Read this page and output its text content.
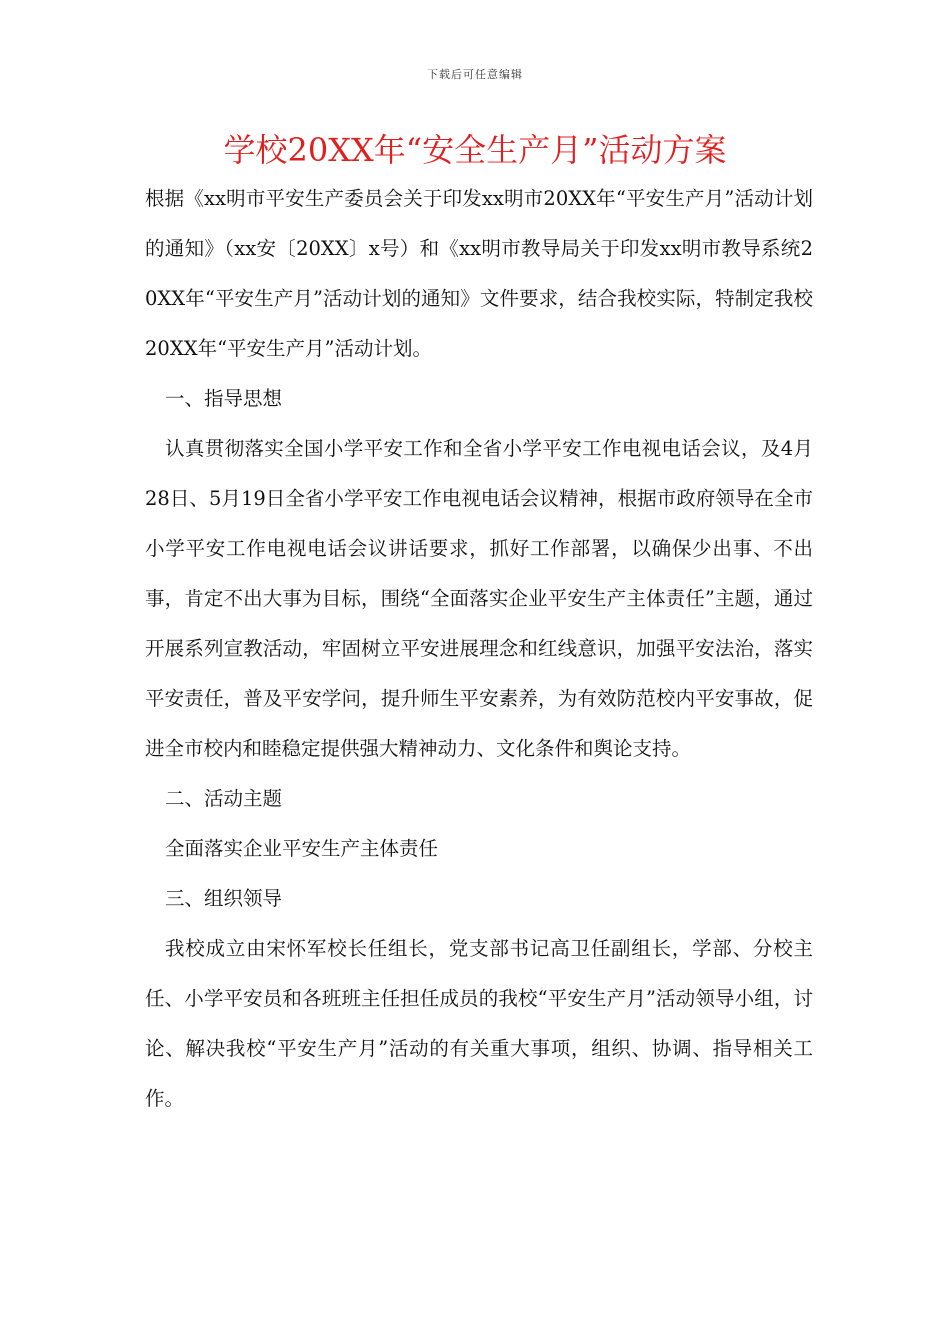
下载后可任意编辑
学校20XX年“安全生产月”活动方案

根据《xx明市平安生产委员会关于印发xx明市20XX年“平安生产月”活动计划的通知》（xx安〔20XX〕x号）和《xx明市教导局关于印发xx明市教导系统20XX年“平安生产月”活动计划的通知》文件要求，结合我校实际，特制定我校20XX年“平安生产月”活动计划。

一、指导思想

认真贯彻落实全国小学平安工作和全省小学平安工作电视电话会议，及4月28日、5月19日全省小学平安工作电视电话会议精神，根据市政府领导在全市小学平安工作电视电话会议讲话要求，抓好工作部署，以确保少出事、不出事，肯定不出大事为目标，围绕“全面落实企业平安生产主体责任”主题，通过开展系列宣教活动，牢固树立平安进展理念和红线意识，加强平安法治，落实平安责任，普及平安学问，提升师生平安素养，为有效防范校内平安事故，促进全市校内和睦稳定提供强大精神动力、文化条件和舆论支持。

二、活动主题

全面落实企业平安生产主体责任

三、组织领导

我校成立由宋怀军校长任组长，党支部书记高卫任副组长，学部、分校主任、小学平安员和各班班主任担任成员的我校“平安生产月”活动领导小组，讨论、解决我校“平安生产月”活动的有关重大事项，组织、协调、指导相关工作。
